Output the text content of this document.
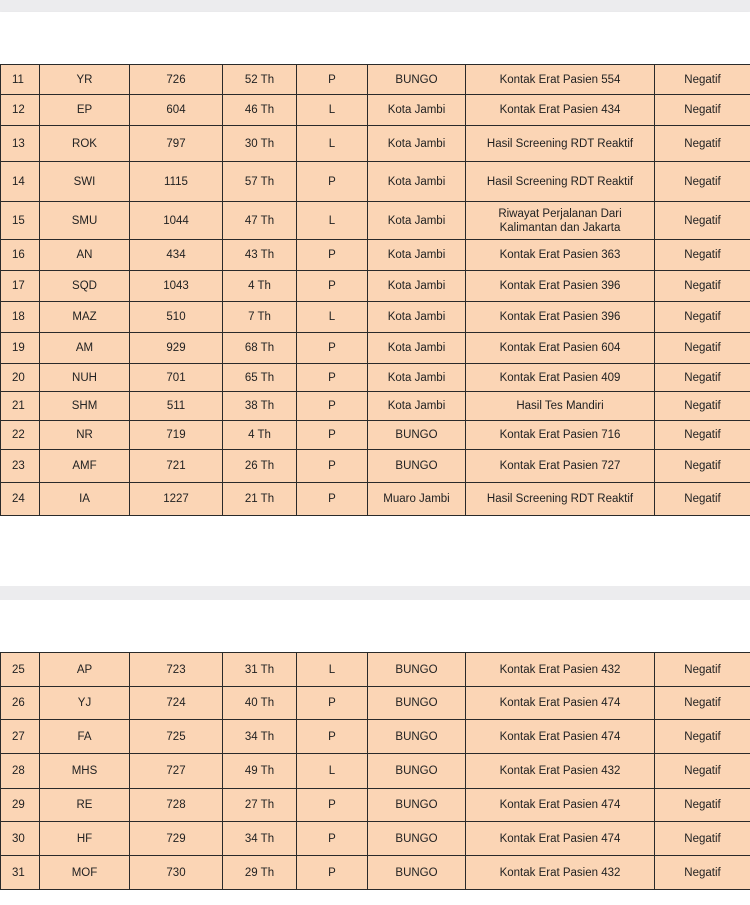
11	YR	726	52 Th	P	BUNGO	Kontak Erat Pasien 554	Negatif
12	EP	604	46 Th	L	Kota Jambi	Kontak Erat Pasien 434	Negatif
13	ROK	797	30 Th	L	Kota Jambi	Hasil Screening RDT Reaktif	Negatif
14	SWI	1115	57 Th	P	Kota Jambi	Hasil Screening RDT Reaktif	Negatif
15	SMU	1044	47 Th	L	Kota Jambi	Riwayat Perjalanan Dari Kalimantan dan Jakarta	Negatif
16	AN	434	43 Th	P	Kota Jambi	Kontak Erat Pasien 363	Negatif
17	SQD	1043	4 Th	P	Kota Jambi	Kontak Erat Pasien 396	Negatif
18	MAZ	510	7 Th	L	Kota Jambi	Kontak Erat Pasien 396	Negatif
19	AM	929	68 Th	P	Kota Jambi	Kontak Erat Pasien 604	Negatif
20	NUH	701	65 Th	P	Kota Jambi	Kontak Erat Pasien 409	Negatif
21	SHM	511	38 Th	P	Kota Jambi	Hasil Tes Mandiri	Negatif
22	NR	719	4 Th	P	BUNGO	Kontak Erat Pasien 716	Negatif
23	AMF	721	26 Th	P	BUNGO	Kontak Erat Pasien 727	Negatif
24	IA	1227	21 Th	P	Muaro Jambi	Hasil Screening RDT Reaktif	Negatif
25	AP	723	31 Th	L	BUNGO	Kontak Erat Pasien 432	Negatif
26	YJ	724	40 Th	P	BUNGO	Kontak Erat Pasien 474	Negatif
27	FA	725	34 Th	P	BUNGO	Kontak Erat Pasien 474	Negatif
28	MHS	727	49 Th	L	BUNGO	Kontak Erat Pasien 432	Negatif
29	RE	728	27 Th	P	BUNGO	Kontak Erat Pasien 474	Negatif
30	HF	729	34 Th	P	BUNGO	Kontak Erat Pasien 474	Negatif
31	MOF	730	29 Th	P	BUNGO	Kontak Erat Pasien 432	Negatif
